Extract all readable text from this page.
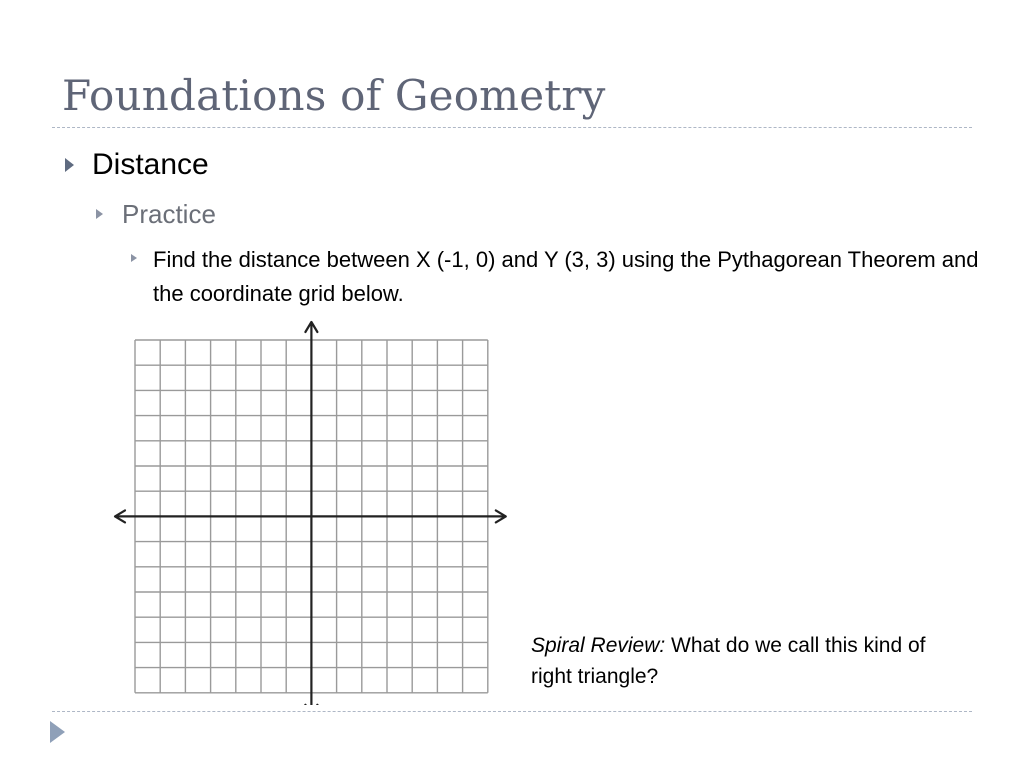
Foundations of Geometry
Distance
Practice
Find the distance between X (-1, 0) and Y (3, 3) using the Pythagorean Theorem and the coordinate grid below.
Spiral Review: What do we call this kind of right triangle?
